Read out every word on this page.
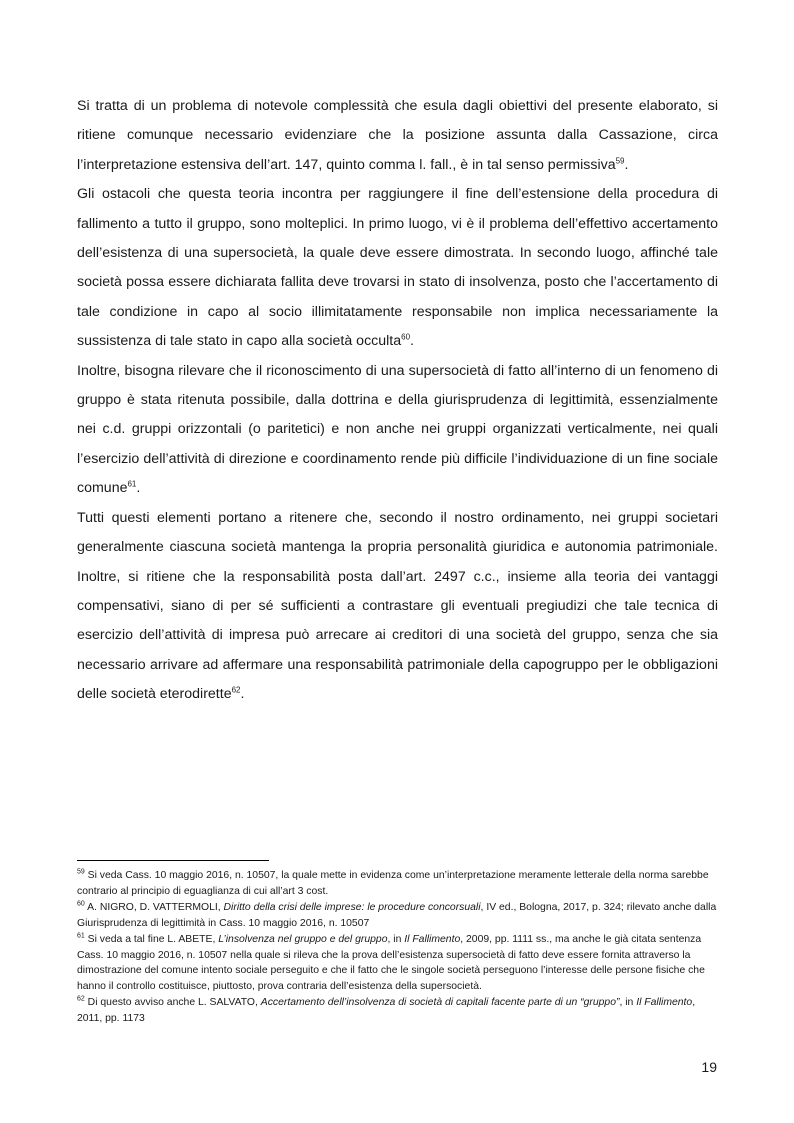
Si tratta di un problema di notevole complessità che esula dagli obiettivi del presente elaborato, si ritiene comunque necessario evidenziare che la posizione assunta dalla Cassazione, circa l’interpretazione estensiva dell’art. 147, quinto comma l. fall., è in tal senso permissiva$^{59}$.

Gli ostacoli che questa teoria incontra per raggiungere il fine dell’estensione della procedura di fallimento a tutto il gruppo, sono molteplici. In primo luogo, vi è il problema dell’effettivo accertamento dell’esistenza di una supersocietà, la quale deve essere dimostrata. In secondo luogo, affinché tale società possa essere dichiarata fallita deve trovarsi in stato di insolvenza, posto che l’accertamento di tale condizione in capo al socio illimitatamente responsabile non implica necessariamente la sussistenza di tale stato in capo alla società occulta$^{60}$.

Inoltre, bisogna rilevare che il riconoscimento di una supersocietà di fatto all’interno di un fenomeno di gruppo è stata ritenuta possibile, dalla dottrina e della giurisprudenza di legittimità, essenzialmente nei c.d. gruppi orizzontali (o paritetici) e non anche nei gruppi organizzati verticalmente, nei quali l’esercizio dell’attività di direzione e coordinamento rende più difficile l’individuazione di un fine sociale comune$^{61}$.

Tutti questi elementi portano a ritenere che, secondo il nostro ordinamento, nei gruppi societari generalmente ciascuna società mantenga la propria personalità giuridica e autonomia patrimoniale. Inoltre, si ritiene che la responsabilità posta dall’art. 2497 c.c., insieme alla teoria dei vantaggi compensativi, siano di per sé sufficienti a contrastare gli eventuali pregiudizi che tale tecnica di esercizio dell’attività di impresa può arrecare ai creditori di una società del gruppo, senza che sia necessario arrivare ad affermare una responsabilità patrimoniale della capogruppo per le obbligazioni delle società eterodirette$^{62}$.

$^{59}$ Si veda Cass. 10 maggio 2016, n. 10507, la quale mette in evidenza come un’interpretazione meramente letterale della norma sarebbe contrario al principio di eguaglianza di cui all’art 3 cost.

$^{60}$ A. NIGRO, D. VATTERMOLI, Diritto della crisi delle imprese: le procedure concorsuali, IV ed., Bologna, 2017, p. 324; rilevato anche dalla Giurisprudenza di legittimità in Cass. 10 maggio 2016, n. 10507

$^{61}$ Si veda a tal fine L. ABETE, L’insolvenza nel gruppo e del gruppo, in Il Fallimento, 2009, pp. 1111 ss., ma anche le già citata sentenza Cass. 10 maggio 2016, n. 10507 nella quale si rileva che la prova dell’esistenza supersocietà di fatto deve essere fornita attraverso la dimostrazione del comune intento sociale perseguito e che il fatto che le singole società perseguono l’interesse delle persone fisiche che hanno il controllo costituisce, piuttosto, prova contraria dell’esistenza della supersocietà.

$^{62}$ Di questo avviso anche L. SALVATO, Accertamento dell’insolvenza di società di capitali facente parte di un “gruppo”, in Il Fallimento, 2011, pp. 1173

19
